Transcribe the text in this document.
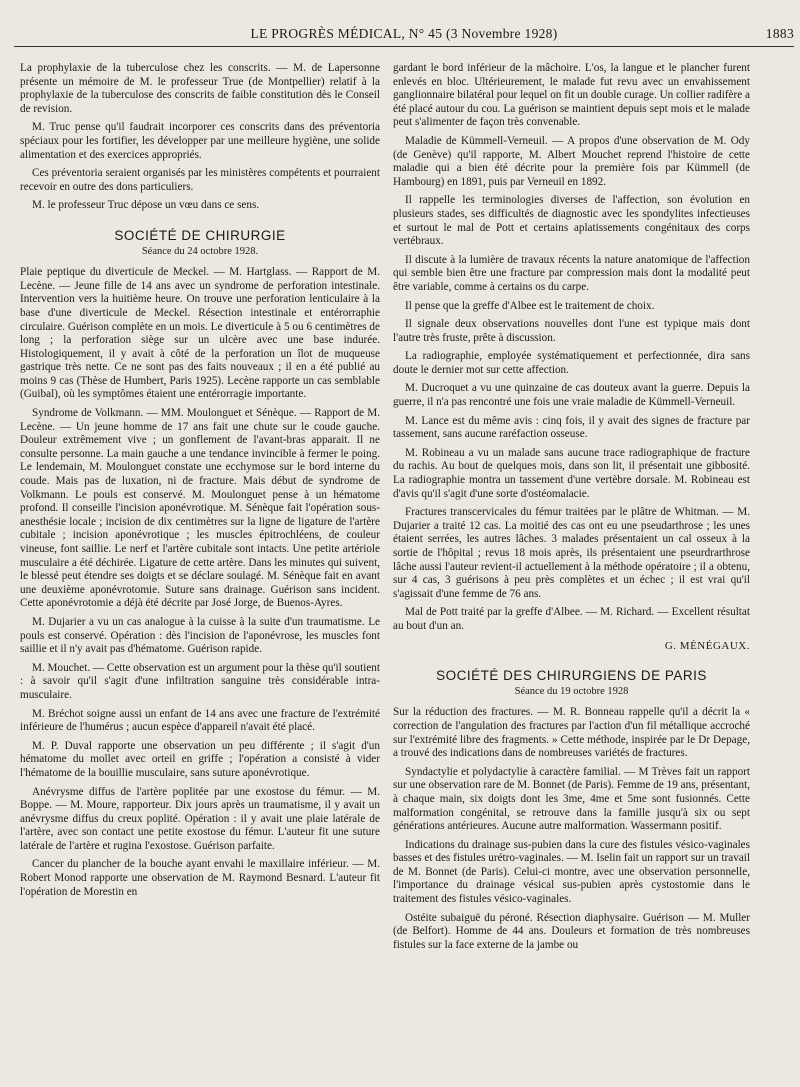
LE PROGRÈS MÉDICAL, N° 45 (3 Novembre 1928)	1883

La prophylaxie de la tuberculose chez les conscrits. — M. de Lapersonne présente un mémoire de M. le professeur True (de Montpellier) relatif à la prophylaxie de la tuberculose des conscrits de faible constitution dès le Conseil de revision.

M. Truc pense qu'il faudrait incorporer ces conscrits dans des préventoria spéciaux pour les fortifier, les développer par une meilleure hygiène, une solide alimentation et des exercices appropriés.

Ces préventoria seraient organisés par les ministères compétents et pourraient recevoir en outre des dons particuliers.

M. le professeur Truc dépose un vœu dans ce sens.

SOCIÉTÉ DE CHIRURGIE
Séance du 24 octobre 1928.

Plaie peptique du diverticule de Meckel. — M. Hartglass. — Rapport de M. Lecène. — Jeune fille de 14 ans avec un syndrome de perforation intestinale. Intervention vers la huitième heure. On trouve une perforation lenticulaire à la base d'une diverticule de Meckel. Résection intestinale et entérorraphie circulaire. Guérison complète en un mois. Le diverticule à 5 ou 6 centimètres de long ; la perforation siège sur un ulcère avec une base indurée. Histologiquement, il y avait à côté de la perforation un îlot de muqueuse gastrique très nette. Ce ne sont pas des faits nouveaux ; il en a été publié au moins 9 cas (Thèse de Humbert, Paris 1925). Lecène rapporte un cas semblable (Guibal), où les symptômes étaient une entérorragie importante.

Syndrome de Volkmann. — MM. Moulonguet et Sénèque. — Rapport de M. Lecène. — Un jeune homme de 17 ans fait une chute sur le coude gauche. Douleur extrêmement vive ; un gonflement de l'avant-bras apparait. Il ne consulte personne. La main gauche a une tendance invincible à fermer le poing. Le lendemain, M. Moulonguet constate une ecchymose sur le bord interne du coude. Mais pas de luxation, ni de fracture. Mais début de syndrome de Volkmann. Le pouls est conservé. M. Moulonguet pense à un hématome profond. Il conseille l'incision aponévrotique. M. Sénèque fait l'opération sous-anesthésie locale ; incision de dix centimètres sur la ligne de ligature de l'artère cubitale ; incision aponévrotique ; les muscles épitrochléens, de couleur vineuse, font saillie. Le nerf et l'artère cubitale sont intacts. Une petite artériole musculaire a été déchirée. Ligature de cette artère. Dans les minutes qui suivent, le blessé peut étendre ses doigts et se déclare soulagé. M. Sénèque fait en avant une deuxième aponévrotomie. Suture sans drainage. Guérison sans incident. Cette aponévrotomie a déjà été décrite par José Jorge, de Buenos-Ayres.

M. Dujarier a vu un cas analogue à la cuisse à la suite d'un traumatisme. Le pouls est conservé. Opération : dès l'incision de l'aponévrose, les muscles font saillie et il n'y avait pas d'hématome. Guérison rapide.

M. Mouchet. — Cette observation est un argument pour la thèse qu'il soutient : à savoir qu'il s'agit d'une infiltration sanguine très considérable intra-musculaire.

M. Bréchot soigne aussi un enfant de 14 ans avec une fracture de l'extrémité inférieure de l'humérus ; aucun espèce d'appareil n'avait été placé.

M. P. Duval rapporte une observation un peu différente ; il s'agit d'un hématome du mollet avec orteil en griffe ; l'opération a consisté à vider l'hématome de la bouillie musculaire, sans suture aponévrotique.

Anévrysme diffus de l'artère poplitée par une exostose du fémur. — M. Boppe. — M. Moure, rapporteur. Dix jours après un traumatisme, il y avait un anévrysme diffus du creux poplité. Opération : il y avait une plaie latérale de l'artère, avec son contact une petite exostose du fémur. L'auteur fit une suture latérale de l'artère et rugina l'exostose. Guérison parfaite.

Cancer du plancher de la bouche ayant envahi le maxillaire inférieur. — M. Robert Monod rapporte une observation de M. Raymond Besnard. L'auteur fit l'opération de Morestin en

gardant le bord inférieur de la mâchoire. L'os, la langue et le plancher furent enlevés en bloc. Ultérieurement, le malade fut revu avec un envahissement ganglionnaire bilatéral pour lequel on fit un double curage. Un collier radifère a été placé autour du cou. La guérison se maintient depuis sept mois et le malade peut s'alimenter de façon très convenable.

Maladie de Kümmell-Verneuil. — A propos d'une observation de M. Ody (de Genève) qu'il rapporte, M. Albert Mouchet reprend l'histoire de cette maladie qui a bien été décrite pour la première fois par Kümmell (de Hambourg) en 1891, puis par Verneuil en 1892.

Il rappelle les terminologies diverses de l'affection, son évolution en plusieurs stades, ses difficultés de diagnostic avec les spondylites infectieuses et surtout le mal de Pott et certains aplatissements congénitaux des corps vertébraux.

Il discute à la lumière de travaux récents la nature anatomique de l'affection qui semble bien être une fracture par compression mais dont la modalité peut être variable, comme à certains os du carpe.

Il pense que la greffe d'Albee est le traitement de choix.

Il signale deux observations nouvelles dont l'une est typique mais dont l'autre très fruste, prête à discussion.

La radiographie, employée systématiquement et perfectionnée, dira sans doute le dernier mot sur cette affection.

M. Ducroquet a vu une quinzaine de cas douteux avant la guerre. Depuis la guerre, il n'a pas rencontré une fois une vraie maladie de Kümmell-Verneuil.

M. Lance est du même avis : cinq fois, il y avait des signes de fracture par tassement, sans aucune raréfaction osseuse.

M. Robineau a vu un malade sans aucune trace radiographique de fracture du rachis. Au bout de quelques mois, dans son lit, il présentait une gibbosité. La radiographie montra un tassement d'une vertèbre dorsale. M. Robineau est d'avis qu'il s'agit d'une sorte d'ostéomalacie.

Fractures transcervicales du fémur traitées par le plâtre de Whitman. — M. Dujarier a traité 12 cas. La moitié des cas ont eu une pseudarthrose ; les unes étaient serrées, les autres lâches. 3 malades présentaient un cal osseux à la sortie de l'hôpital ; revus 18 mois après, ils présentaient une pseurdrarthrose lâche aussi l'auteur revient-il actuellement à la méthode opératoire ; il a obtenu, sur 4 cas, 3 guérisons à peu près complètes et un échec ; il est vrai qu'il s'agissait d'une femme de 76 ans.

Mal de Pott traité par la greffe d'Albee. — M. Richard. — Excellent résultat au bout d'un an.

G. MÉNÉGAUX.
SOCIÉTÉ DES CHIRURGIENS DE PARIS
Séance du 19 octobre 1928

Sur la réduction des fractures. — M. R. Bonneau rappelle qu'il a décrit la « correction de l'angulation des fractures par l'action d'un fil métallique accroché sur l'extrémité libre des fragments. » Cette méthode, inspirée par le Dr Depage, a trouvé des indications dans de nombreuses variétés de fractures.

Syndactylie et polydactylie à caractère familial. — M Trèves fait un rapport sur une observation rare de M. Bonnet (de Paris). Femme de 19 ans, présentant, à chaque main, six doigts dont les 3me, 4me et 5me sont fusionnés. Cette malformation congénital, se retrouve dans la famille jusqu'à six ou sept générations antérieures. Aucune autre malformation. Wassermann positif.

Indications du drainage sus-pubien dans la cure des fistules vésico-vaginales basses et des fistules urétro-vaginales. — M. Iselin fait un rapport sur un travail de M. Bonnet (de Paris). Celui-ci montre, avec une observation personnelle, l'importance du drainage vésical sus-pubien après cystostomie dans le traitement des fistules vésico-vaginales.

Ostéite subaiguë du péroné. Résection diaphysaire. Guérison — M. Muller (de Belfort). Homme de 44 ans. Douleurs et formation de très nombreuses fistules sur la face externe de la jambe ou
